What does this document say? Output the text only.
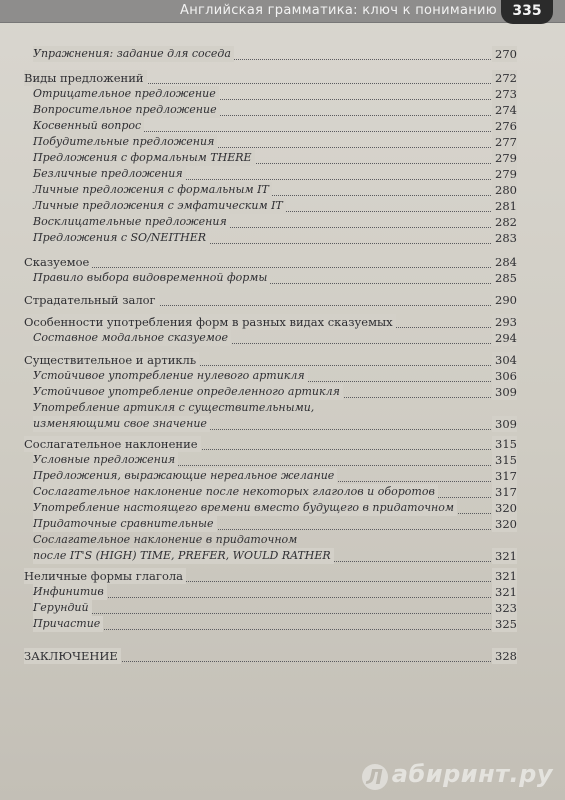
Английская грамматика: ключ к пониманию	335
Упражнения: задание для соседа	270
Виды предложений	272
Отрицательное предложение	273
Вопросительное предложение	274
Косвенный вопрос	276
Побудительные предложения	277
Предложения с формальным THERE	279
Безличные предложения	279
Личные предложения с формальным IT	280
Личные предложения с эмфатическим IT	281
Восклицательные предложения	282
Предложения с SO/NEITHER	283
Сказуемое	284
Правило выбора видовременной формы	285
Страдательный залог	290
Особенности употребления форм в разных видах сказуемых	293
Составное модальное сказуемое	294
Существительное и артикль	304
Устойчивое употребление нулевого артикля	306
Устойчивое употребление определенного артикля	309
Употребление артикля с существительными,
изменяющими свое значение	309
Сослагательное наклонение	315
Условные предложения	315
Предложения, выражающие нереальное желание	317
Сослагательное наклонение после некоторых глаголов и оборотов	317
Употребление настоящего времени вместо будущего в придаточном	320
Придаточные сравнительные	320
Сослагательное наклонение в придаточном
после IT'S (HIGH) TIME, PREFER, WOULD RATHER	321
Неличные формы глагола	321
Инфинитив	321
Герундий	323
Причастие	325
ЗАКЛЮЧЕНИЕ	328
Л абиринт.ру
